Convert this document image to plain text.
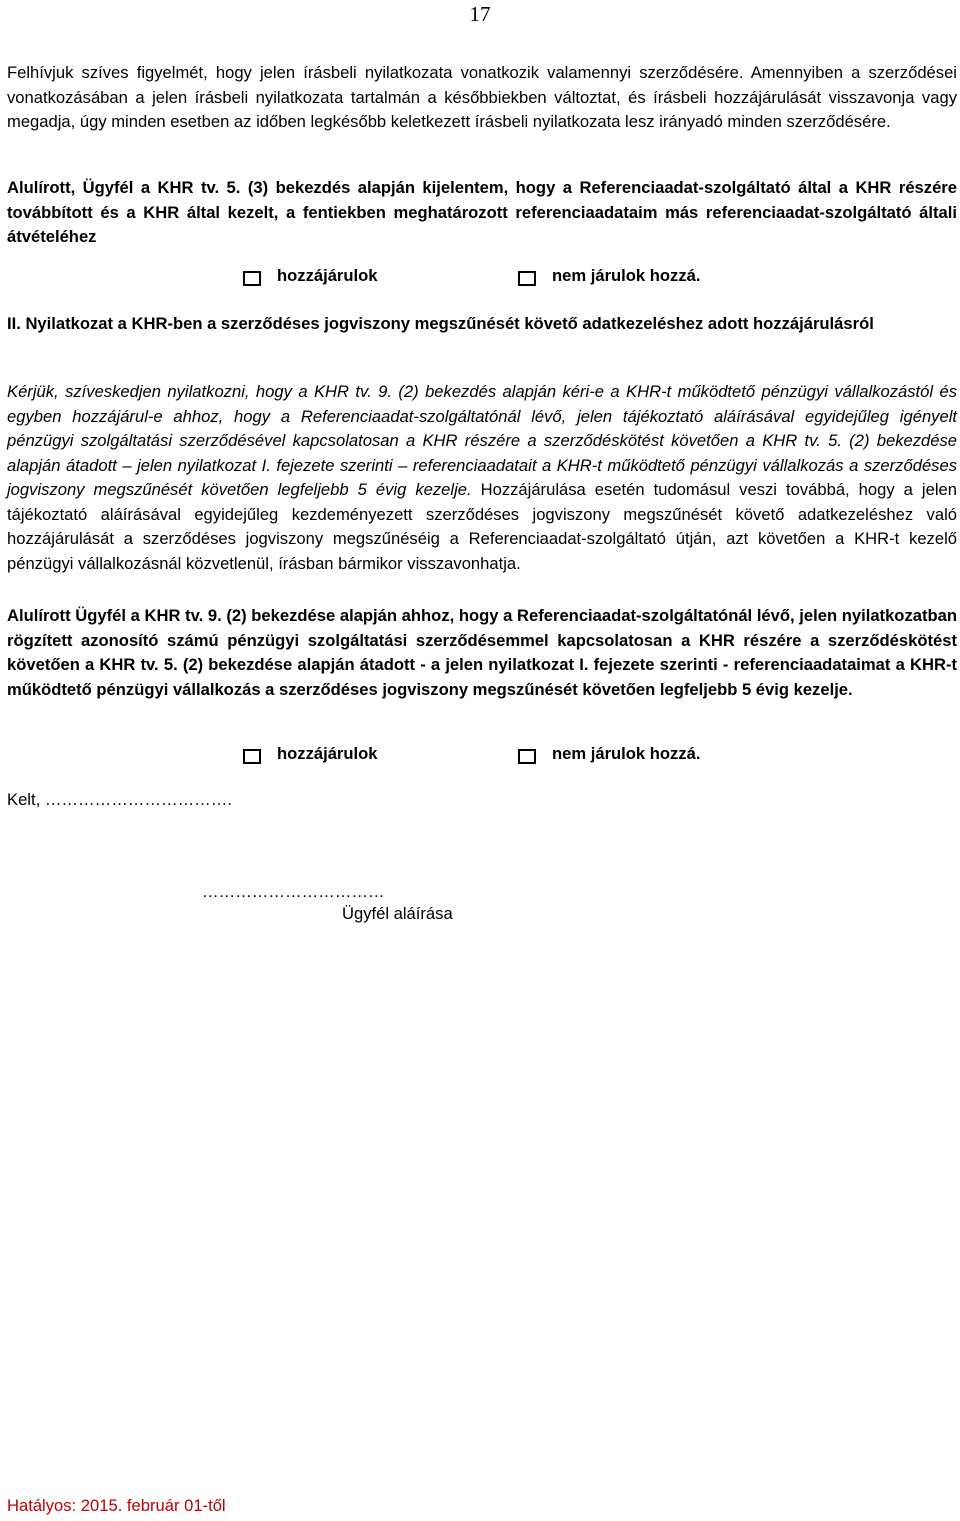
17

Felhívjuk szíves figyelmét, hogy jelen írásbeli nyilatkozata vonatkozik valamennyi szerződésére. Amennyiben a szerződései vonatkozásában a jelen írásbeli nyilatkozata tartalmán a későbbiekben változtat, és írásbeli hozzájárulását visszavonja vagy megadja, úgy minden esetben az időben legkésőbb keletkezett írásbeli nyilatkozata lesz irányadó minden szerződésére.

Alulírott, Ügyfél a KHR tv. 5. (3) bekezdés alapján kijelentem, hogy a Referenciaadat-szolgáltató által a KHR részére továbbított és a KHR által kezelt, a fentiekben meghatározott referenciaadataim más referenciaadat-szolgáltató általi átvételéhez

hozzájárulok	nem járulok hozzá.

II. Nyilatkozat a KHR-ben a szerződéses jogviszony megszűnését követő adatkezeléshez adott hozzájárulásról

Kérjük, szíveskedjen nyilatkozni, hogy a KHR tv. 9. (2) bekezdés alapján kéri-e a KHR-t működtető pénzügyi vállalkozástól és egyben hozzájárul-e ahhoz, hogy a Referenciaadat-szolgáltatónál lévő, jelen tájékoztató aláírásával egyidejűleg igényelt pénzügyi szolgáltatási szerződésével kapcsolatosan a KHR részére a szerződéskötést követően a KHR tv. 5. (2) bekezdése alapján átadott – jelen nyilatkozat I. fejezete szerinti – referenciaadatait a KHR-t működtető pénzügyi vállalkozás a szerződéses jogviszony megszűnését követően legfeljebb 5 évig kezelje. Hozzájárulása esetén tudomásul veszi továbbá, hogy a jelen tájékoztató aláírásával egyidejűleg kezdeményezett szerződéses jogviszony megszűnését követő adatkezeléshez való hozzájárulását a szerződéses jogviszony megszűnéséig a Referenciaadat-szolgáltató útján, azt követően a KHR-t kezelő pénzügyi vállalkozásnál közvetlenül, írásban bármikor visszavonhatja.

Alulírott Ügyfél a KHR tv. 9. (2) bekezdése alapján ahhoz, hogy a Referenciaadat-szolgáltatónál lévő, jelen nyilatkozatban rögzített azonosító számú pénzügyi szolgáltatási szerződésemmel kapcsolatosan a KHR részére a szerződéskötést követően a KHR tv. 5. (2) bekezdése alapján átadott - a jelen nyilatkozat I. fejezete szerinti - referenciaadataimat a KHR-t működtető pénzügyi vállalkozás a szerződéses jogviszony megszűnését követően legfeljebb 5 évig kezelje.

hozzájárulok	nem járulok hozzá.
Kelt, …………………………….
……………………………
Ügyfél aláírása
Hatályos: 2015. február 01-től
